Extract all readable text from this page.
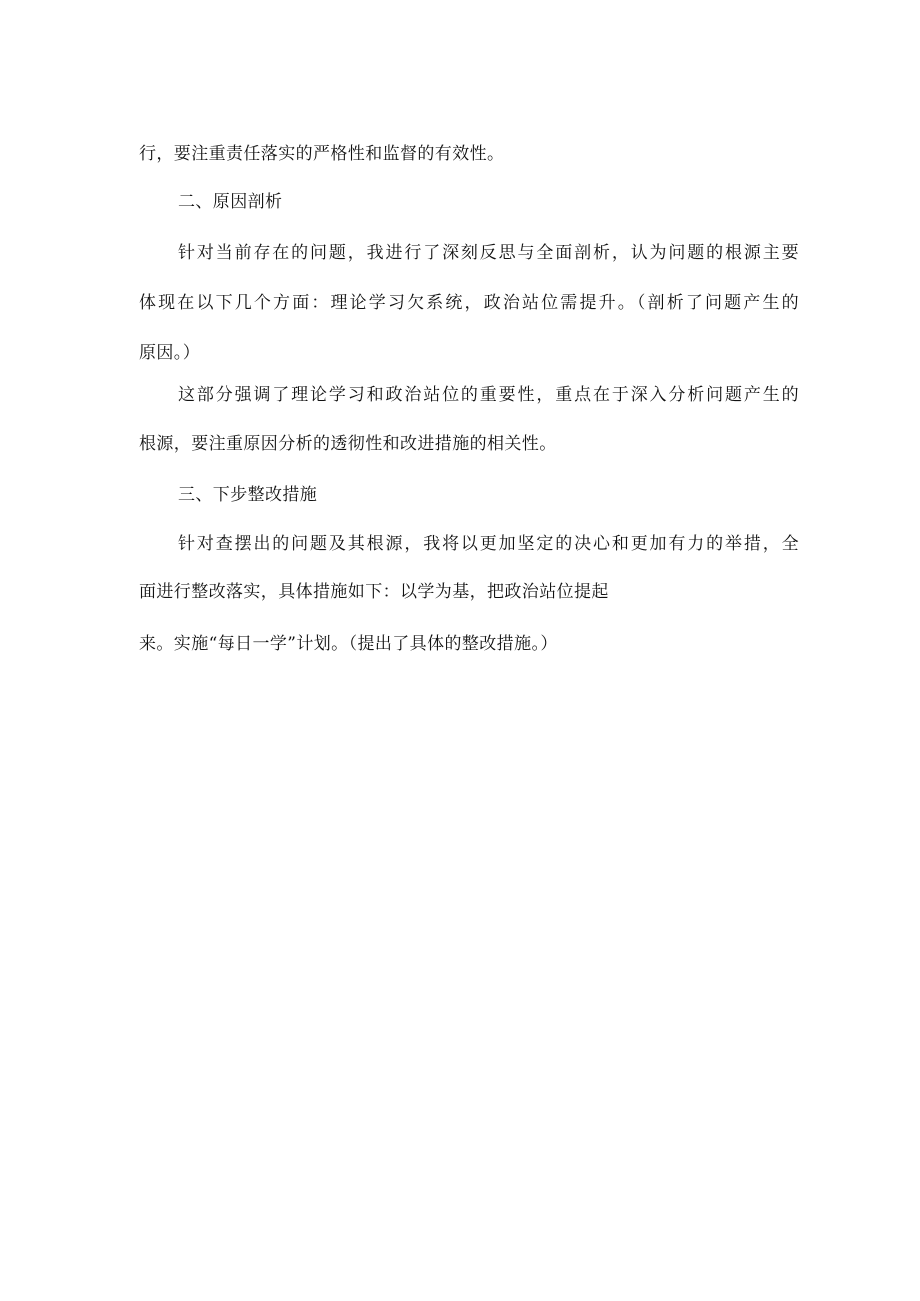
行，要注重责任落实的严格性和监督的有效性。
二、原因剖析
针对当前存在的问题，我进行了深刻反思与全面剖析，认为问题的根源主要
体现在以下几个方面：理论学习欠系统，政治站位需提升。（剖析了问题产生的
原因。）
这部分强调了理论学习和政治站位的重要性，重点在于深入分析问题产生的
根源，要注重原因分析的透彻性和改进措施的相关性。
三、下步整改措施
针对查摆出的问题及其根源，我将以更加坚定的决心和更加有力的举措，全
面进行整改落实，具体措施如下：以学为基，把政治站位提起
来。实施“每日一学”计划。（提出了具体的整改措施。）
